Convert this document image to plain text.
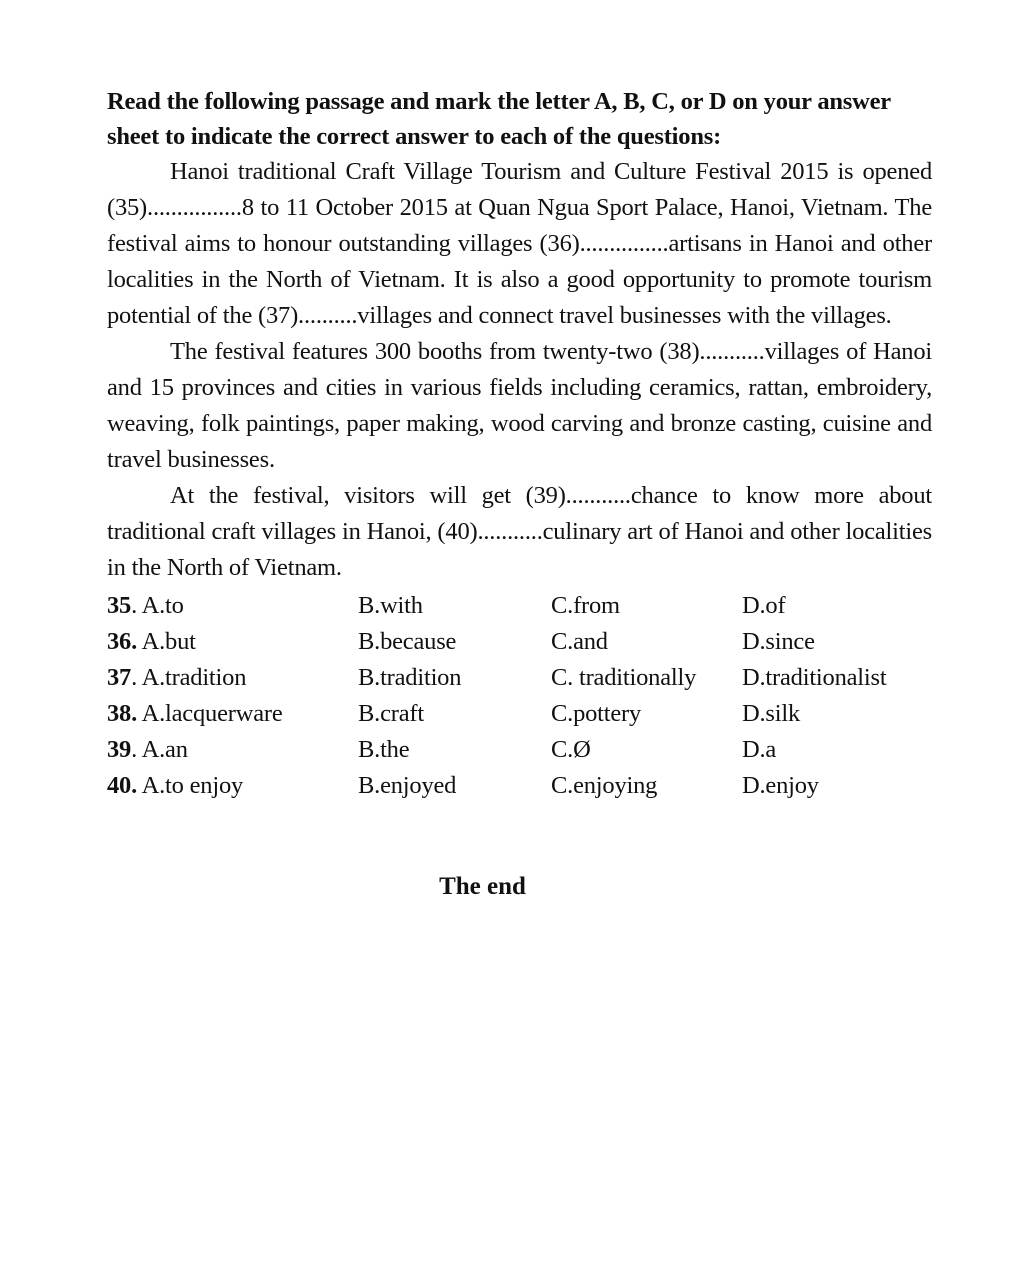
Read the following passage and mark the letter A, B, C, or D on your answer sheet to indicate the correct answer to each of the questions:

Hanoi traditional Craft Village Tourism and Culture Festival 2015 is opened (35)................8 to 11 October 2015 at Quan Ngua Sport Palace, Hanoi, Vietnam. The festival aims to honour outstanding villages (36)...............artisans in Hanoi and other localities in the North of Vietnam. It is also a good opportunity to promote tourism potential of the (37)..........villages and connect travel businesses with the villages.

The festival features 300 booths from twenty-two (38)...........villages of Hanoi and 15 provinces and cities in various fields including ceramics, rattan, embroidery, weaving, folk paintings, paper making, wood carving and bronze casting, cuisine and travel businesses.

At the festival, visitors will get (39)...........chance to know more about traditional craft villages in Hanoi, (40)...........culinary art of Hanoi and other localities in the North of Vietnam.

35. A.to	B.with	C.from	D.of
36. A.but	B.because	C.and	D.since
37. A.tradition	B.tradition	C. traditionally	D.traditionalist
38. A.lacquerware	B.craft	C.pottery	D.silk
39. A.an	B.the	C.Ø	D.a
40. A.to enjoy	B.enjoyed	C.enjoying	D.enjoy
The end
